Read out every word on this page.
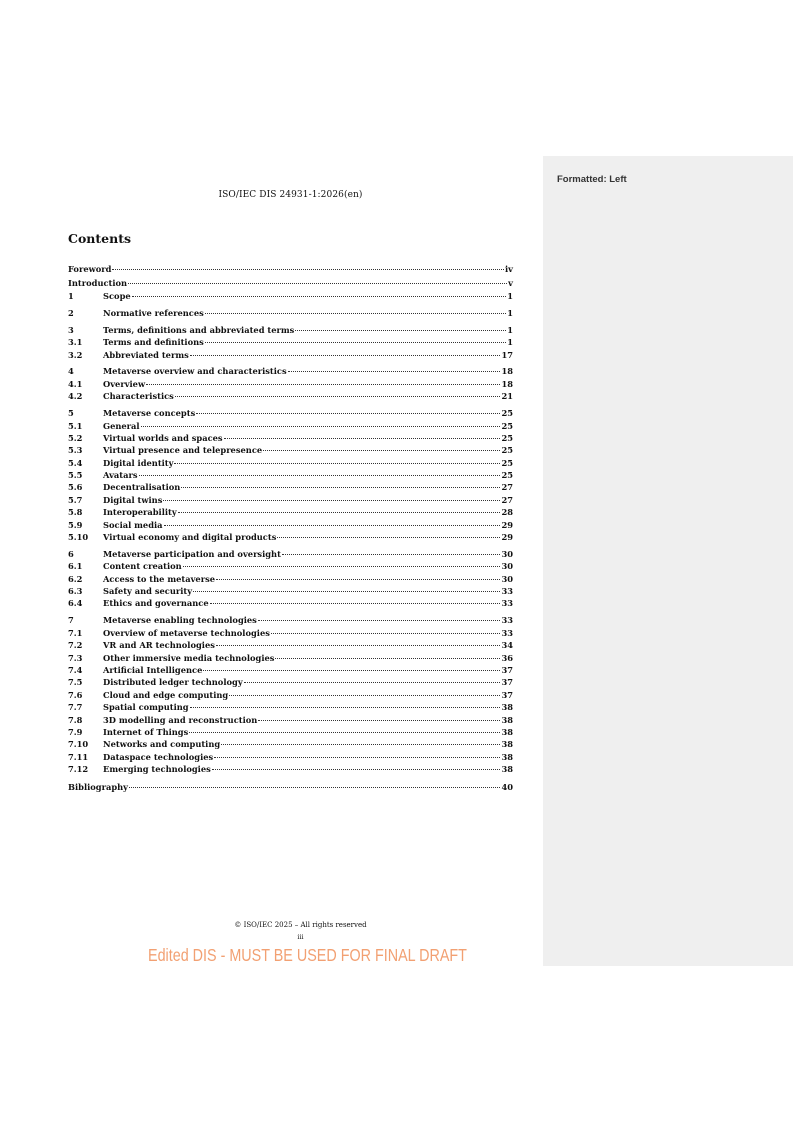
Formatted: Left
ISO/IEC DIS 24931-1:2026(en)
Contents
Foreword	iv
Introduction	v
1	Scope	1
2	Normative references	1
3	Terms, definitions and abbreviated terms	1
3.1	Terms and definitions	1
3.2	Abbreviated terms	17
4	Metaverse overview and characteristics	18
4.1	Overview	18
4.2	Characteristics	21
5	Metaverse concepts	25
5.1	General	25
5.2	Virtual worlds and spaces	25
5.3	Virtual presence and telepresence	25
5.4	Digital identity	25
5.5	Avatars	25
5.6	Decentralisation	27
5.7	Digital twins	27
5.8	Interoperability	28
5.9	Social media	29
5.10	Virtual economy and digital products	29
6	Metaverse participation and oversight	30
6.1	Content creation	30
6.2	Access to the metaverse	30
6.3	Safety and security	33
6.4	Ethics and governance	33
7	Metaverse enabling technologies	33
7.1	Overview of metaverse technologies	33
7.2	VR and AR technologies	34
7.3	Other immersive media technologies	36
7.4	Artificial Intelligence	37
7.5	Distributed ledger technology	37
7.6	Cloud and edge computing	37
7.7	Spatial computing	38
7.8	3D modelling and reconstruction	38
7.9	Internet of Things	38
7.10	Networks and computing	38
7.11	Dataspace technologies	38
7.12	Emerging technologies	38
Bibliography	40
© ISO/IEC 2025 – All rights reserved
iii
Edited DIS - MUST BE USED FOR FINAL DRAFT
